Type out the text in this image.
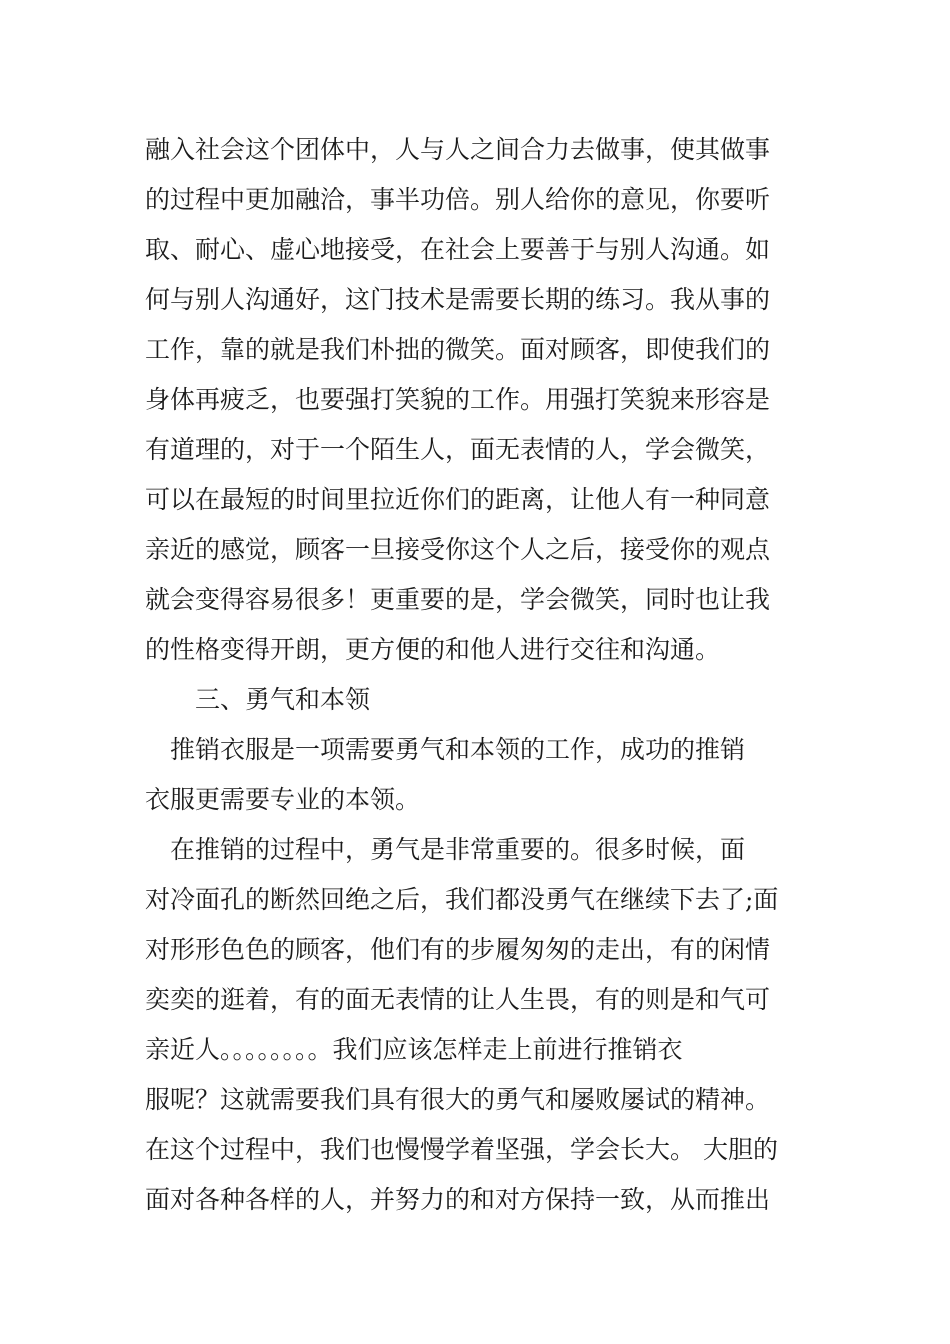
融入社会这个团体中，人与人之间合力去做事，使其做事
的过程中更加融洽，事半功倍。别人给你的意见，你要听
取、耐心、虚心地接受，在社会上要善于与别人沟通。如
何与别人沟通好，这门技术是需要长期的练习。我从事的
工作，靠的就是我们朴拙的微笑。面对顾客，即使我们的
身体再疲乏，也要强打笑貌的工作。用强打笑貌来形容是
有道理的，对于一个陌生人，面无表情的人，学会微笑，
可以在最短的时间里拉近你们的距离，让他人有一种同意
亲近的感觉，顾客一旦接受你这个人之后，接受你的观点
就会变得容易很多！更重要的是，学会微笑，同时也让我
的性格变得开朗，更方便的和他人进行交往和沟通。
三、勇气和本领
　推销衣服是一项需要勇气和本领的工作，成功的推销
衣服更需要专业的本领。
　在推销的过程中，勇气是非常重要的。很多时候，面
对冷面孔的断然回绝之后，我们都没勇气在继续下去了;面
对形形色色的顾客，他们有的步履匆匆的走出，有的闲情
奕奕的逛着，有的面无表情的让人生畏，有的则是和气可
亲近人。。。。。。。。我们应该怎样走上前进行推销衣
服呢？这就需要我们具有很大的勇气和屡败屡试的精神。
在这个过程中，我们也慢慢学着坚强，学会长大。 大胆的
面对各种各样的人，并努力的和对方保持一致，从而推出
